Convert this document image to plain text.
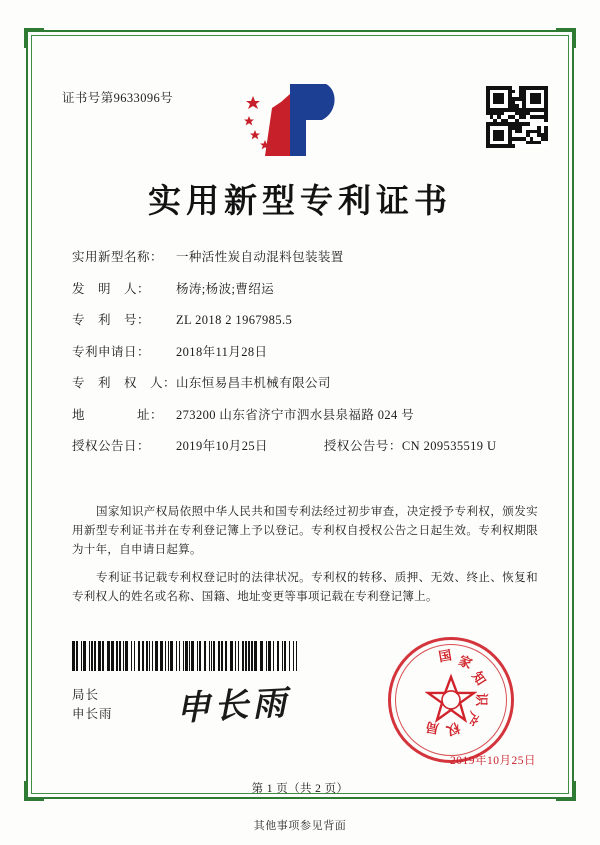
证书号第9633096号
实用新型专利证书
实用新型名称：	一种活性炭自动混料包装装置
发　明　人：	杨涛;杨波;曹绍运
专　利　号：	ZL 2018 2 1967985.5
专利申请日：	2018年11月28日
专　利　权　人： 山东恒易昌丰机械有限公司
地　　　　址：	273200 山东省济宁市泗水县泉福路 024 号
授权公告日：	2019年10月25日	授权公告号： CN 209535519 U

国家知识产权局依照中华人民共和国专利法经过初步审查，决定授予专利权，颁发实用新型专利证书并在专利登记簿上予以登记。专利权自授权公告之日起生效。专利权期限为十年，自申请日起算。

专利证书记载专利权登记时的法律状况。专利权的转移、质押、无效、终止、恢复和专利权人的姓名或名称、国籍、地址变更等事项记载在专利登记簿上。

局长
申长雨 申长雨
国 家
知
识
产
权
局
2019年10月25日
第 1 页（共 2 页）
其他事项参见背面
